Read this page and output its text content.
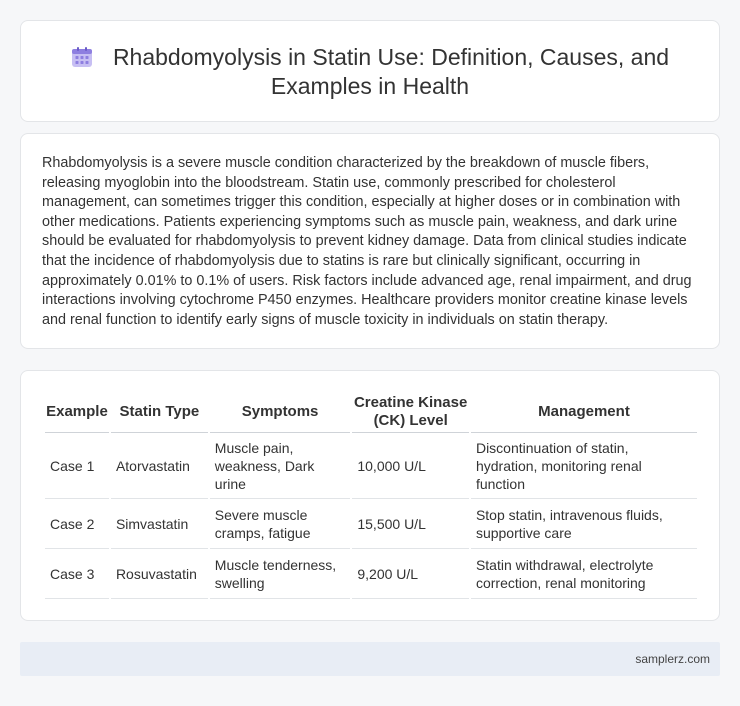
Rhabdomyolysis in Statin Use: Definition, Causes, and Examples in Health

Rhabdomyolysis is a severe muscle condition characterized by the breakdown of muscle fibers, releasing myoglobin into the bloodstream. Statin use, commonly prescribed for cholesterol management, can sometimes trigger this condition, especially at higher doses or in combination with other medications. Patients experiencing symptoms such as muscle pain, weakness, and dark urine should be evaluated for rhabdomyolysis to prevent kidney damage. Data from clinical studies indicate that the incidence of rhabdomyolysis due to statins is rare but clinically significant, occurring in approximately 0.01% to 0.1% of users. Risk factors include advanced age, renal impairment, and drug interactions involving cytochrome P450 enzymes. Healthcare providers monitor creatine kinase levels and renal function to identify early signs of muscle toxicity in individuals on statin therapy.

Example	Statin Type	Symptoms	Creatine Kinase (CK) Level	Management
Case 1	Atorvastatin	Muscle pain, weakness, Dark urine	10,000 U/L	Discontinuation of statin, hydration, monitoring renal function
Case 2	Simvastatin	Severe muscle cramps, fatigue	15,500 U/L	Stop statin, intravenous fluids, supportive care
Case 3	Rosuvastatin	Muscle tenderness, swelling	9,200 U/L	Statin withdrawal, electrolyte correction, renal monitoring
samplerz.com
